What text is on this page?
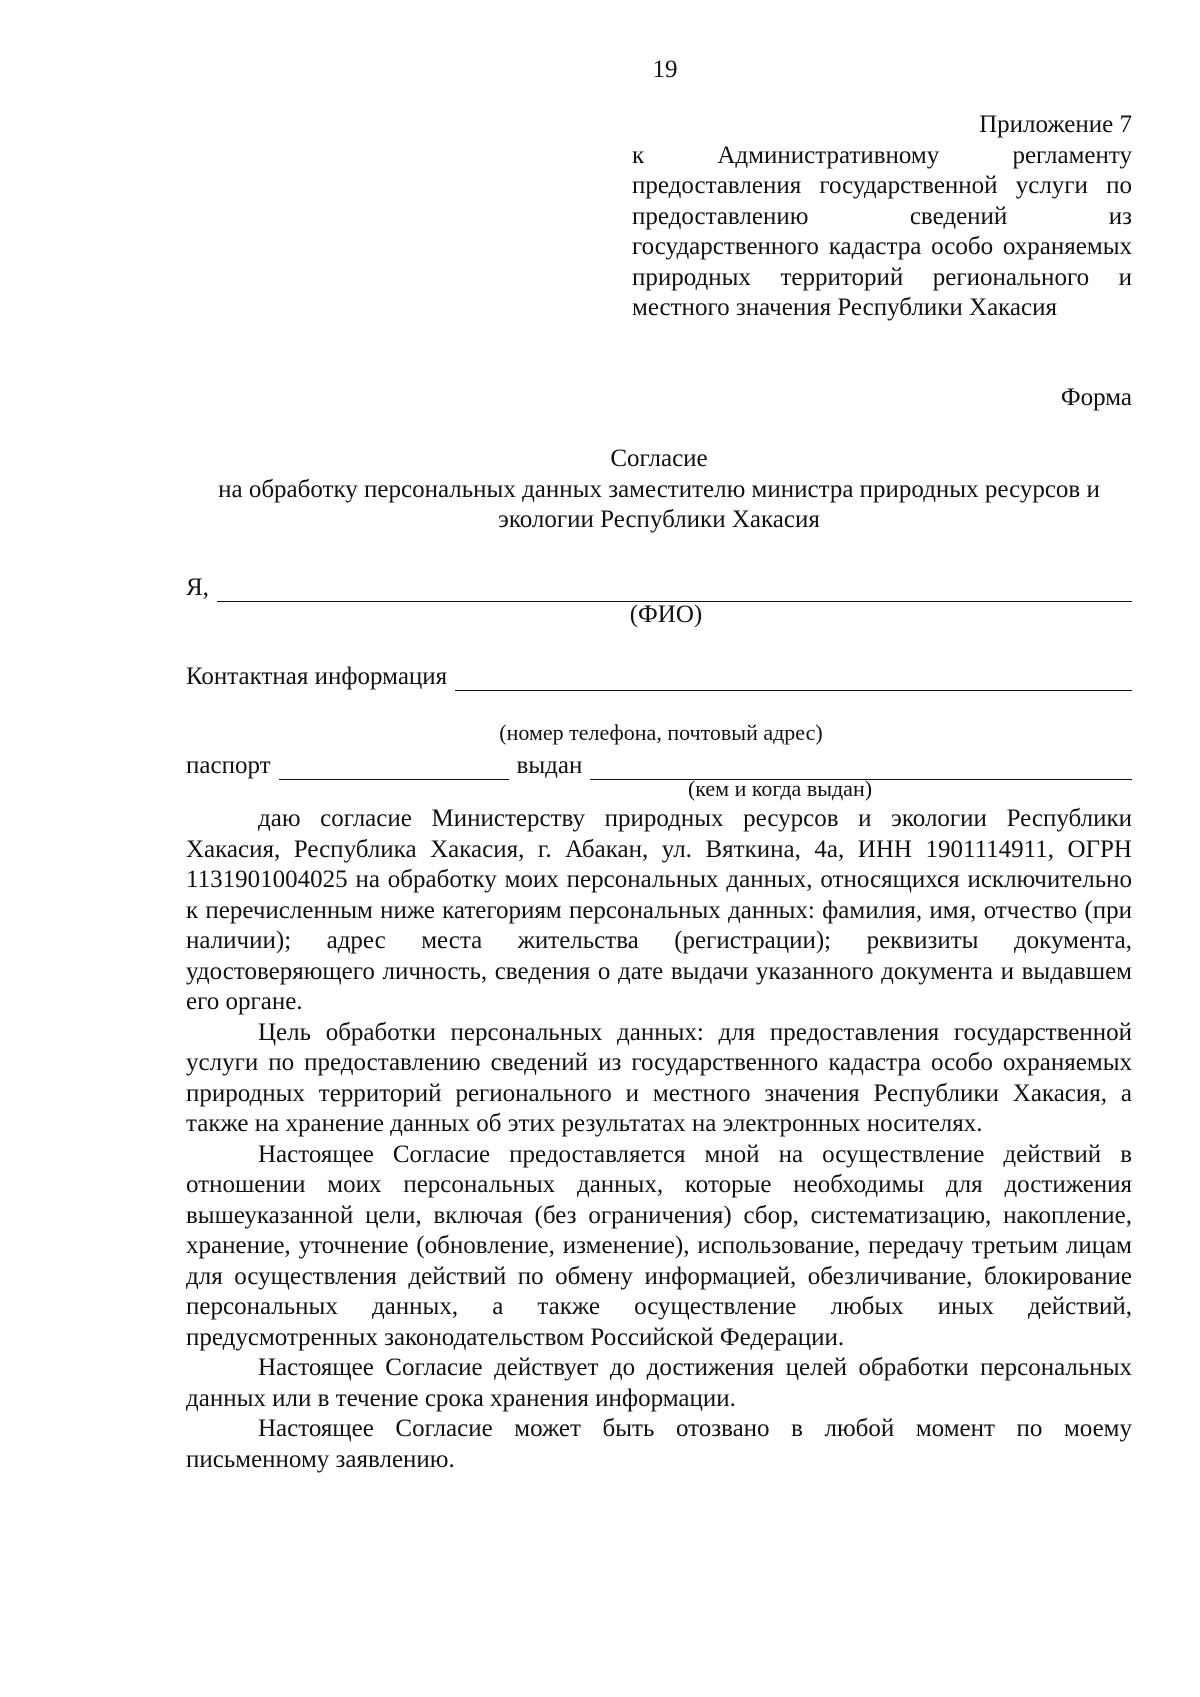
19
Приложение 7
к Административному регламенту предоставления государственной услуги по предоставлению сведений из государственного кадастра особо охраняемых природных территорий регионального и местного значения Республики Хакасия
Форма
Согласие
на обработку персональных данных заместителю министра природных ресурсов и экологии Республики Хакасия
Я,
(ФИО)
Контактная информация
(номер телефона, почтовый адрес)
паспорт	выдан
(кем и когда выдан)

даю согласие Министерству природных ресурсов и экологии Республики Хакасия, Республика Хакасия, г. Абакан, ул. Вяткина, 4а, ИНН 1901114911, ОГРН 1131901004025 на обработку моих персональных данных, относящихся исключительно к перечисленным ниже категориям персональных данных: фамилия, имя, отчество (при наличии); адрес места жительства (регистрации); реквизиты документа, удостоверяющего личность, сведения о дате выдачи указанного документа и выдавшем его органе.

Цель обработки персональных данных: для предоставления государственной услуги по предоставлению сведений из государственного кадастра особо охраняемых природных территорий регионального и местного значения Республики Хакасия, а также на хранение данных об этих результатах на электронных носителях.

Настоящее Согласие предоставляется мной на осуществление действий в отношении моих персональных данных, которые необходимы для достижения вышеуказанной цели, включая (без ограничения) сбор, систематизацию, накопление, хранение, уточнение (обновление, изменение), использование, передачу третьим лицам для осуществления действий по обмену информацией, обезличивание, блокирование персональных данных, а также осуществление любых иных действий, предусмотренных законодательством Российской Федерации.

Настоящее Согласие действует до достижения целей обработки персональных данных или в течение срока хранения информации.

Настоящее Согласие может быть отозвано в любой момент по моему письменному заявлению.
